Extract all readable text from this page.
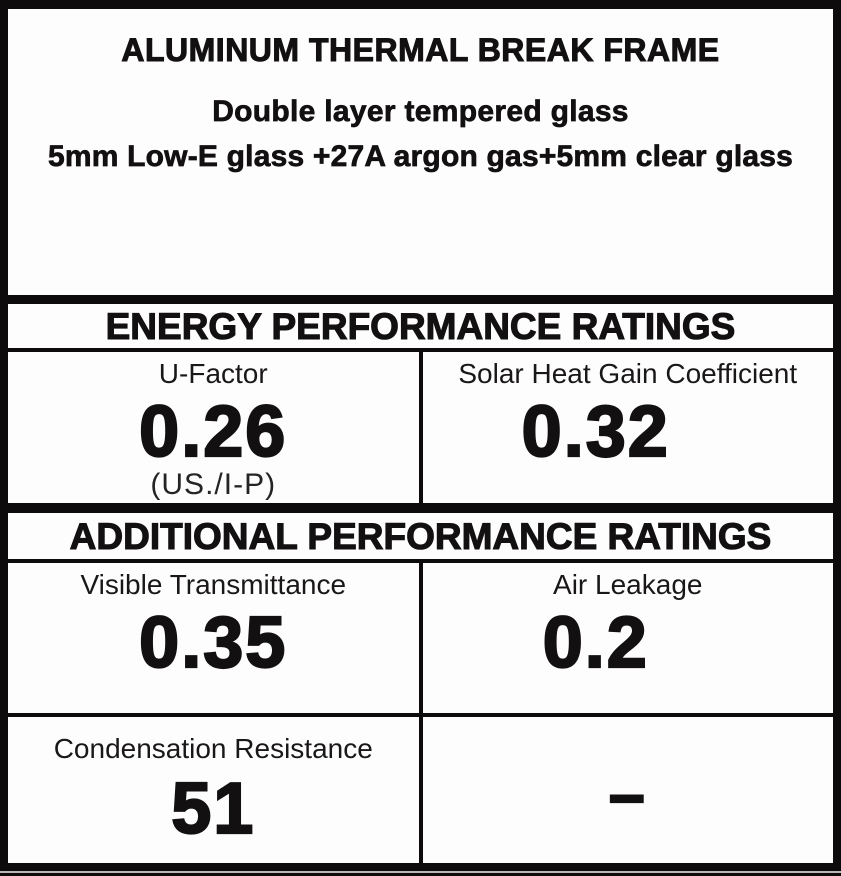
ALUMINUM THERMAL BREAK FRAME
Double layer tempered glass
5mm Low-E glass +27A argon gas+5mm clear glass
ENERGY PERFORMANCE RATINGS
U-Factor
0.26
(US./I-P)
Solar Heat Gain Coefficient
0.32
ADDITIONAL PERFORMANCE RATINGS
Visible Transmittance
0.35
Air Leakage
0.2
Condensation Resistance
51	–
